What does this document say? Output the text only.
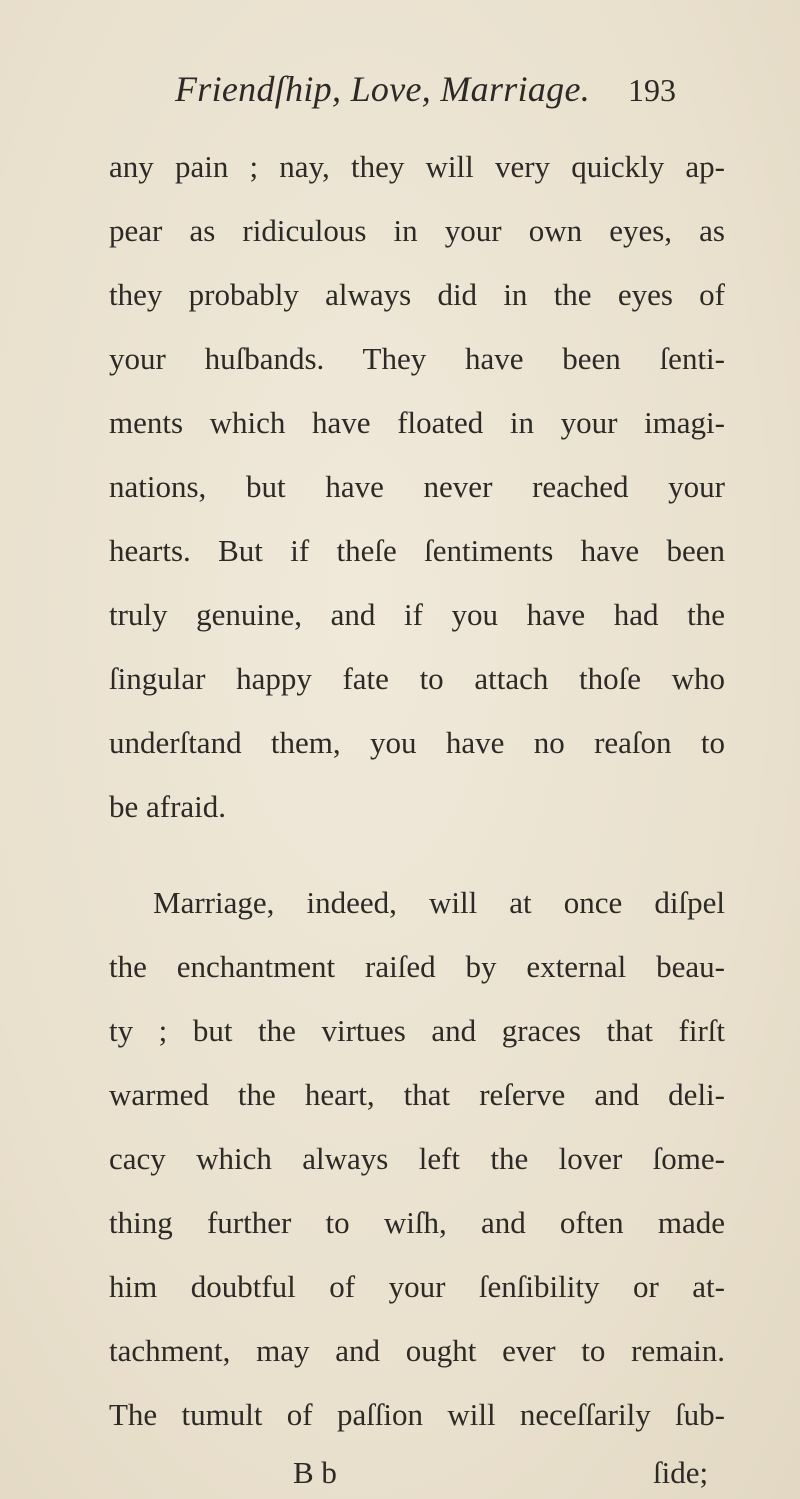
Friendſhip, Love, Marriage. 193
any pain ; nay, they will very quickly ap-
pear as ridiculous in your own eyes, as
they probably always did in the eyes of
your huſbands. They have been ſenti-
ments which have floated in your imagi-
nations, but have never reached your
hearts. But if theſe ſentiments have been
truly genuine, and if you have had the
ſingular happy fate to attach thoſe who
underſtand them, you have no reaſon to
be afraid.
Marriage, indeed, will at once diſpel
the enchantment raiſed by external beau-
ty ; but the virtues and graces that firſt
warmed the heart, that reſerve and deli-
cacy which always left the lover ſome-
thing further to wiſh, and often made
him doubtful of your ſenſibility or at-
tachment, may and ought ever to remain.
The tumult of paſſion will neceſſarily ſub-
B b	ſide;
